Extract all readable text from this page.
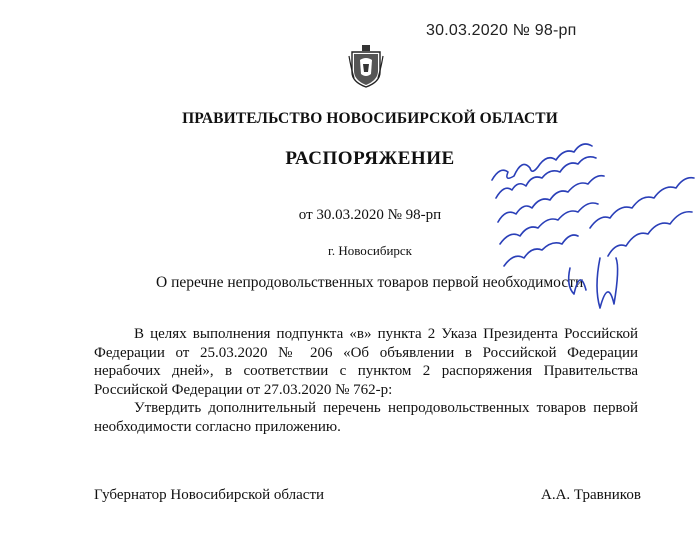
30.03.2020 № 98-рп
ПРАВИТЕЛЬСТВО НОВОСИБИРСКОЙ ОБЛАСТИ
РАСПОРЯЖЕНИЕ
от 30.03.2020 № 98-рп
г. Новосибирск
О перечне непродовольственных товаров первой необходимости

В целях выполнения подпункта «в» пункта 2 Указа Президента Российской Федерации от 25.03.2020 № 206 «Об объявлении в Российской Федерации нерабочих дней», в соответствии с пунктом 2 распоряжения Правительства Российской Федерации от 27.03.2020 № 762-р:

Утвердить дополнительный перечень непродовольственных товаров первой необходимости согласно приложению.

Губернатор Новосибирской области	А.А. Травников
